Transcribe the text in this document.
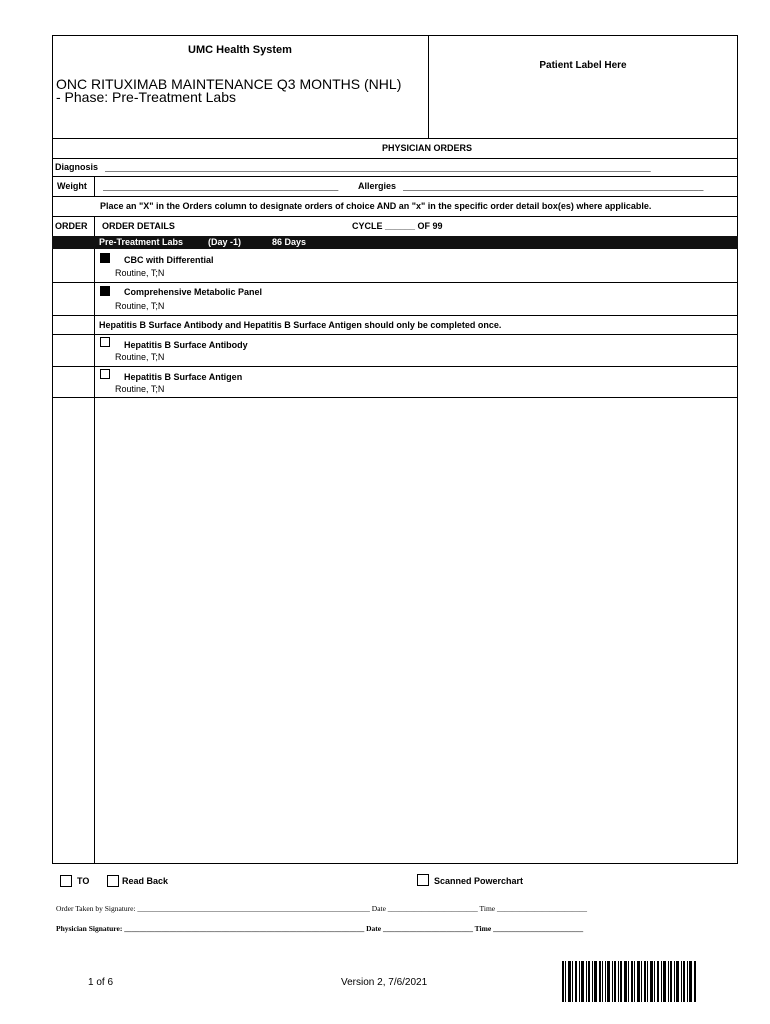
UMC Health System
ONC RITUXIMAB MAINTENANCE Q3 MONTHS (NHL)
- Phase: Pre-Treatment Labs
Patient Label Here
PHYSICIAN ORDERS
Diagnosis _____________________________________________________________________________________________________________
Weight _______________________________________________	Allergies ____________________________________________________________
Place an "X" in the Orders column to designate orders of choice AND an "x" in the specific order detail box(es) where applicable.
ORDER ORDER DETAILS	CYCLE ______ OF 99
Pre-Treatment Labs	(Day -1)	86 Days
CBC with Differential
Routine, T;N
Comprehensive Metabolic Panel
Routine, T;N
Hepatitis B Surface Antibody and Hepatitis B Surface Antigen should only be completed once.
Hepatitis B Surface Antibody
Routine, T;N
Hepatitis B Surface Antigen
Routine, T;N
TO	Read Back	Scanned Powerchart
Order Taken by Signature: ______________________________________________________________ Date ________________________ Time ________________________
Physician Signature: ________________________________________________________________ Date ________________________ Time ________________________
1 of 6	Version 2, 7/6/2021
